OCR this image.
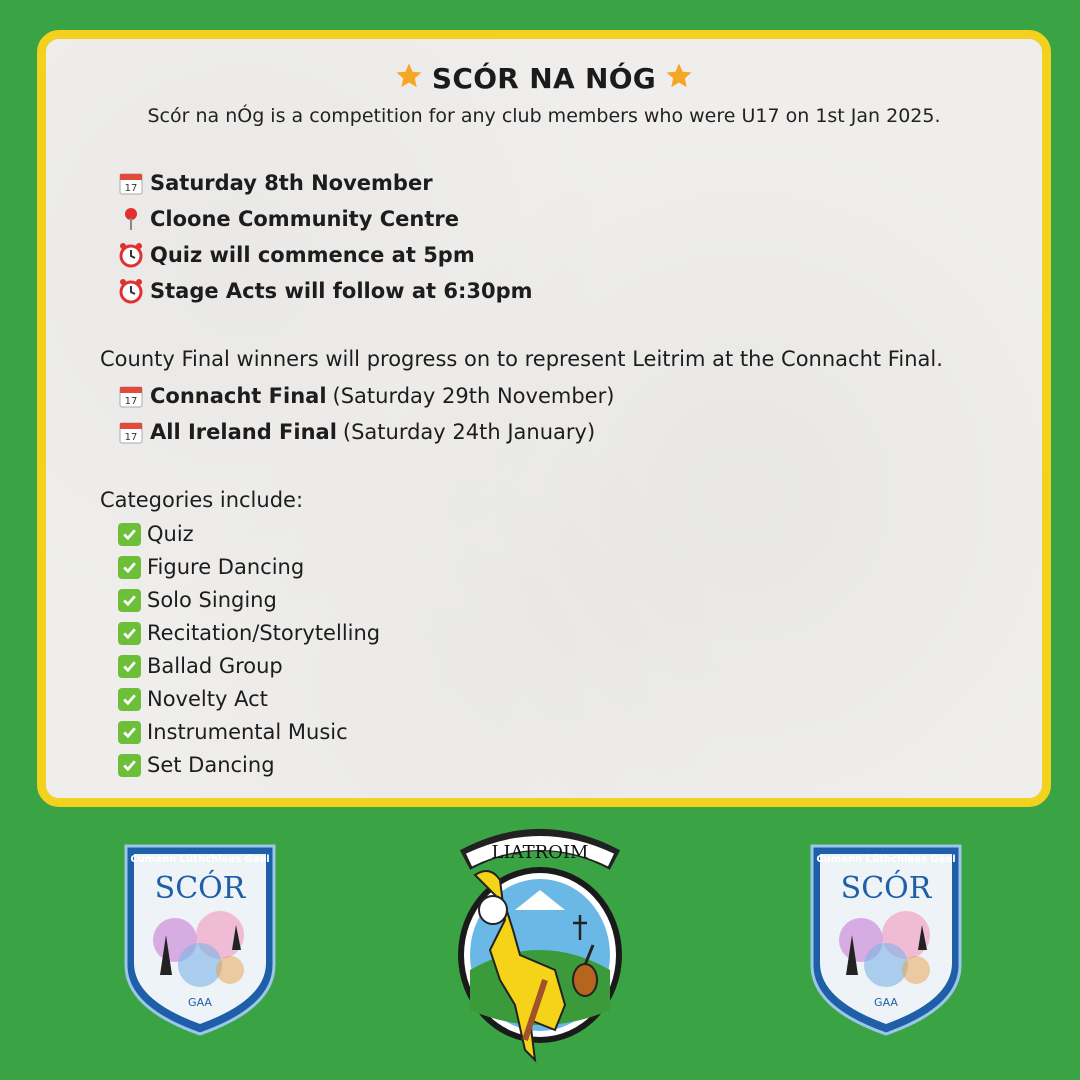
SCÓR NA NÓG
Scór na nÓg is a competition for any club members who were U17 on 1st Jan 2025.
17 Saturday 8th November
Cloone Community Centre
Quiz will commence at 5pm
Stage Acts will follow at 6:30pm
County Final winners will progress on to represent Leitrim at the Connacht Final.
17 Connacht Final (Saturday 29th November)
17 All Ireland Final (Saturday 24th January)
Categories include:
Quiz
Figure Dancing
Solo Singing
Recitation/Storytelling
Ballad Group
Novelty Act
Instrumental Music
Set Dancing
Cumann Lúthchleas Gael
SCÓR
GAA
LIATROIM	Cumann Lúthchleas Gael
SCÓR
GAA
